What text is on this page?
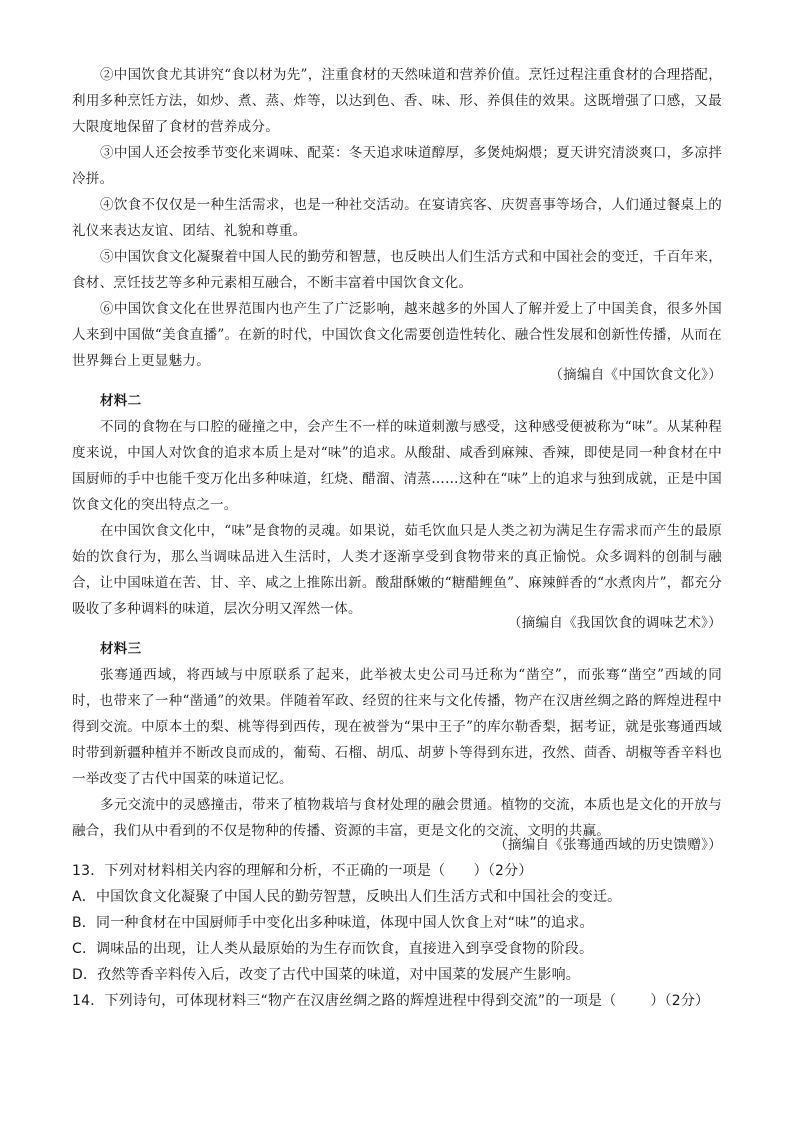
②中国饮食尤其讲究“食以材为先”，注重食材的天然味道和营养价值。烹饪过程注重食材的合理搭配，利用多种烹饪方法，如炒、煮、蒸、炸等，以达到色、香、味、形、养俱佳的效果。这既增强了口感，又最大限度地保留了食材的营养成分。

③中国人还会按季节变化来调味、配菜：冬天追求味道醇厚，多煲炖焖煨；夏天讲究清淡爽口，多凉拌冷拼。

④饮食不仅仅是一种生活需求，也是一种社交活动。在宴请宾客、庆贺喜事等场合，人们通过餐桌上的礼仪来表达友谊、团结、礼貌和尊重。

⑤中国饮食文化凝聚着中国人民的勤劳和智慧，也反映出人们生活方式和中国社会的变迁，千百年来，食材、烹饪技艺等多种元素相互融合，不断丰富着中国饮食文化。

⑥中国饮食文化在世界范围内也产生了广泛影响，越来越多的外国人了解并爱上了中国美食，很多外国人来到中国做“美食直播”。在新的时代，中国饮食文化需要创造性转化、融合性发展和创新性传播，从而在世界舞台上更显魅力。

（摘编自《中国饮食文化》）

材料二

不同的食物在与口腔的碰撞之中，会产生不一样的味道刺激与感受，这种感受便被称为“味”。从某种程度来说，中国人对饮食的追求本质上是对“味”的追求。从酸甜、咸香到麻辣、香辣，即使是同一种食材在中国厨师的手中也能千变万化出多种味道，红烧、醋溜、清蒸……这种在“味”上的追求与独到成就，正是中国饮食文化的突出特点之一。

在中国饮食文化中，“味”是食物的灵魂。如果说，茹毛饮血只是人类之初为满足生存需求而产生的最原始的饮食行为，那么当调味品进入生活时，人类才逐渐享受到食物带来的真正愉悦。众多调料的创制与融合，让中国味道在苦、甘、辛、咸之上推陈出新。酸甜酥嫩的“糖醋鲤鱼”、麻辣鲜香的“水煮肉片”，都充分吸收了多种调料的味道，层次分明又浑然一体。

（摘编自《我国饮食的调味艺术》）

材料三

张骞通西域，将西域与中原联系了起来，此举被太史公司马迁称为“凿空”，而张骞“凿空”西域的同时，也带来了一种“凿通”的效果。伴随着军政、经贸的往来与文化传播，物产在汉唐丝绸之路的辉煌进程中得到交流。中原本土的梨、桃等得到西传，现在被誉为“果中王子”的库尔勒香梨，据考证，就是张骞通西域时带到新疆种植并不断改良而成的，葡萄、石榴、胡瓜、胡萝卜等得到东进，孜然、茴香、胡椒等香辛料也一举改变了古代中国菜的味道记忆。

多元交流中的灵感撞击，带来了植物栽培与食材处理的融会贯通。植物的交流，本质也是文化的开放与融合，我们从中看到的不仅是物种的传播、资源的丰富，更是文化的交流、文明的共赢。

（摘编自《张骞通西域的历史馈赠》）

13．下列对材料相关内容的理解和分析，不正确的一项是（　　）（2分）

A．中国饮食文化凝聚了中国人民的勤劳智慧，反映出人们生活方式和中国社会的变迁。

B．同一种食材在中国厨师手中变化出多种味道，体现中国人饮食上对“味”的追求。

C．调味品的出现，让人类从最原始的为生存而饮食，直接进入到享受食物的阶段。

D．孜然等香辛料传入后，改变了古代中国菜的味道，对中国菜的发展产生影响。

14．下列诗句，可体现材料三“物产在汉唐丝绸之路的辉煌进程中得到交流”的一项是（ ）（2分）
